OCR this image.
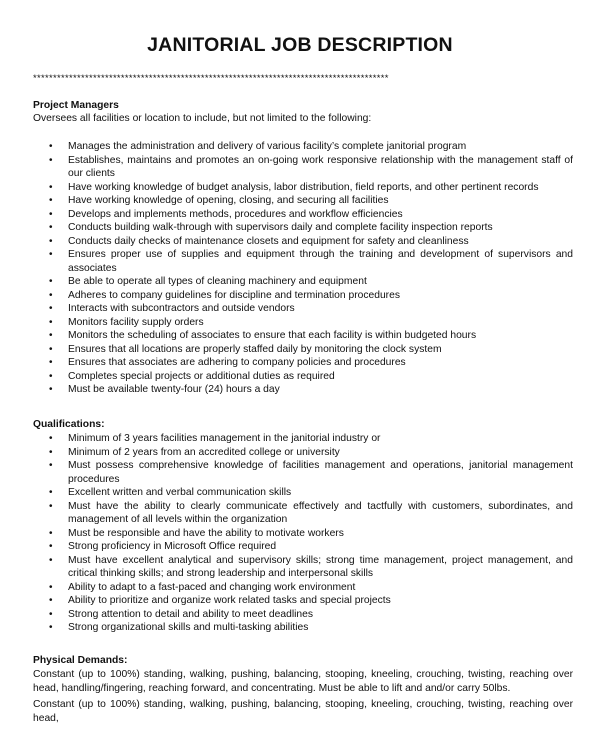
JANITORIAL JOB DESCRIPTION
*****************************************************************************************
Project Managers
Oversees all facilities or location to include, but not limited to the following:
• Manages the administration and delivery of various facility’s complete janitorial program
• Establishes, maintains and promotes an on-going work responsive relationship with the management staff of our clients
• Have working knowledge of budget analysis, labor distribution, field reports, and other pertinent records
• Have working knowledge of opening, closing, and securing all facilities
• Develops and implements methods, procedures and workflow efficiencies
• Conducts building walk-through with supervisors daily and complete facility inspection reports
• Conducts daily checks of maintenance closets and equipment for safety and cleanliness
• Ensures proper use of supplies and equipment through the training and development of supervisors and associates
• Be able to operate all types of cleaning machinery and equipment
• Adheres to company guidelines for discipline and termination procedures
• Interacts with subcontractors and outside vendors
• Monitors facility supply orders
• Monitors the scheduling of associates to ensure that each facility is within budgeted hours
• Ensures that all locations are properly staffed daily by monitoring the clock system
• Ensures that associates are adhering to company policies and procedures
• Completes special projects or additional duties as required
• Must be available twenty-four (24) hours a day
Qualifications:
• Minimum of 3 years facilities management in the janitorial industry or
• Minimum of 2 years from an accredited college or university
• Must possess comprehensive knowledge of facilities management and operations, janitorial management procedures
• Excellent written and verbal communication skills
• Must have the ability to clearly communicate effectively and tactfully with customers, subordinates, and management of all levels within the organization
• Must be responsible and have the ability to motivate workers
• Strong proficiency in Microsoft Office required
• Must have excellent analytical and supervisory skills; strong time management, project management, and critical thinking skills; and strong leadership and interpersonal skills
• Ability to adapt to a fast-paced and changing work environment
• Ability to prioritize and organize work related tasks and special projects
• Strong attention to detail and ability to meet deadlines
• Strong organizational skills and multi-tasking abilities
Physical Demands:

Constant (up to 100%) standing, walking, pushing, balancing, stooping, kneeling, crouching, twisting, reaching over head, handling/fingering, reaching forward, and concentrating. Must be able to lift and and/or carry 50lbs.

Constant (up to 100%) standing, walking, pushing, balancing, stooping, kneeling, crouching, twisting, reaching over head,
